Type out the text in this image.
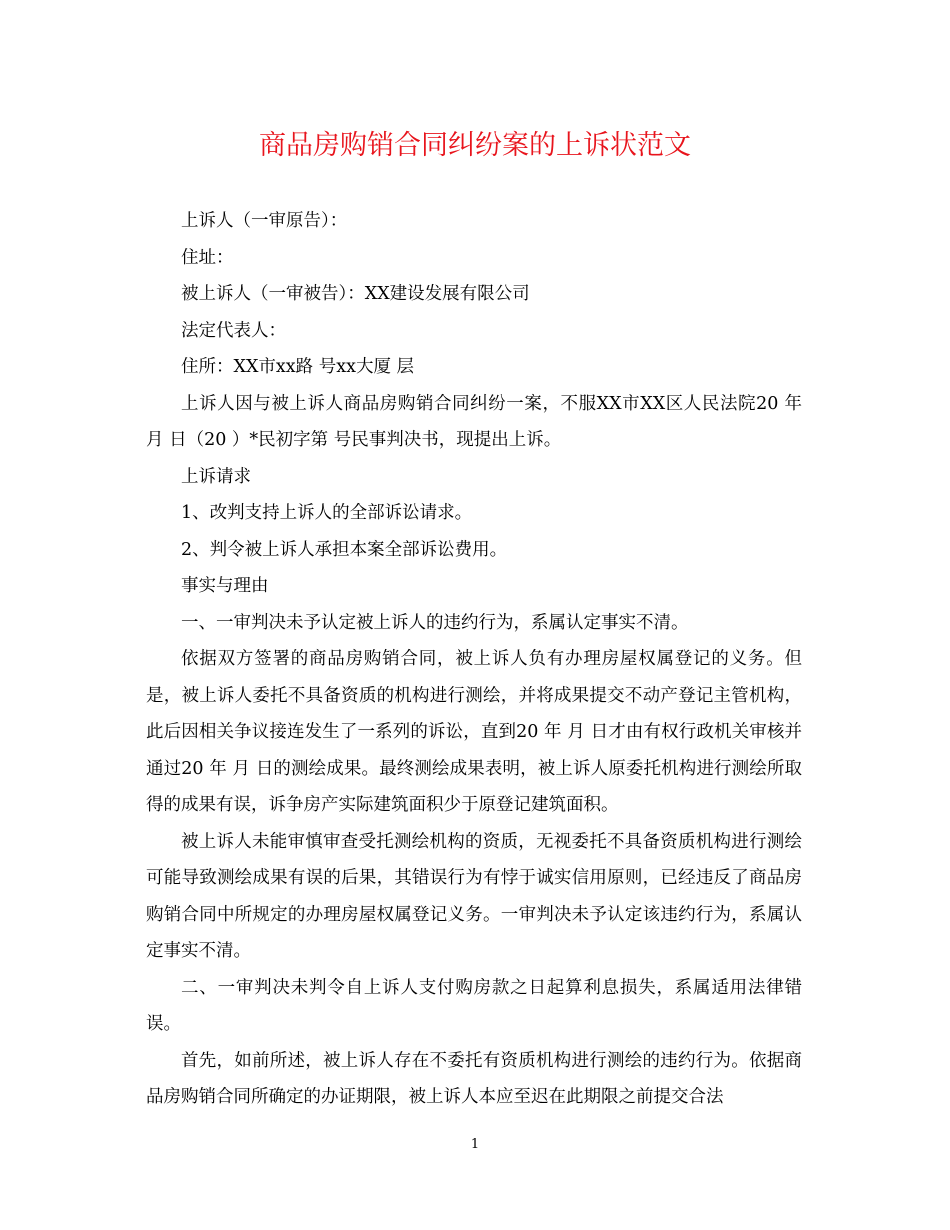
商品房购销合同纠纷案的上诉状范文

上诉人（一审原告）：

住址：

被上诉人（一审被告）：XX建设发展有限公司

法定代表人：

住所：XX市xx路 号xx大厦 层

上诉人因与被上诉人商品房购销合同纠纷一案，不服XX市XX区人民法院20 年 月 日（20 ）*民初字第 号民事判决书，现提出上诉。

上诉请求

1、改判支持上诉人的全部诉讼请求。

2、判令被上诉人承担本案全部诉讼费用。

事实与理由

一、一审判决未予认定被上诉人的违约行为，系属认定事实不清。

依据双方签署的商品房购销合同，被上诉人负有办理房屋权属登记的义务。但是，被上诉人委托不具备资质的机构进行测绘，并将成果提交不动产登记主管机构，此后因相关争议接连发生了一系列的诉讼，直到20 年 月 日才由有权行政机关审核并通过20 年 月 日的测绘成果。最终测绘成果表明，被上诉人原委托机构进行测绘所取得的成果有误，诉争房产实际建筑面积少于原登记建筑面积。

被上诉人未能审慎审查受托测绘机构的资质，无视委托不具备资质机构进行测绘可能导致测绘成果有误的后果，其错误行为有悖于诚实信用原则，已经违反了商品房购销合同中所规定的办理房屋权属登记义务。一审判决未予认定该违约行为，系属认定事实不清。

二、一审判决未判令自上诉人支付购房款之日起算利息损失，系属适用法律错误。

首先，如前所述，被上诉人存在不委托有资质机构进行测绘的违约行为。依据商品房购销合同所确定的办证期限，被上诉人本应至迟在此期限之前提交合法

1
